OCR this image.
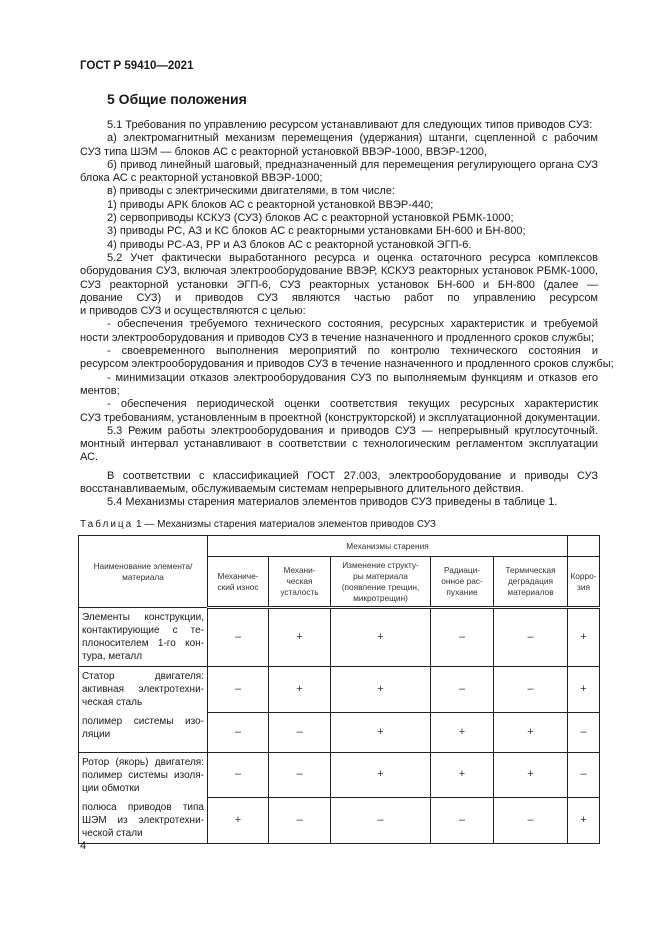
ГОСТ Р 59410—2021
5 Общие положения
5.1 Требования по управлению ресурсом устанавливают для следующих типов приводов СУЗ:
а) электромагнитный механизм перемещения (удержания) штанги, сцепленной с рабочим
СУЗ типа ШЭМ — блоков АС с реакторной установкой ВВЭР-1000, ВВЭР-1200,
б) привод линейный шаговый, предназначенный для перемещения регулирующего органа СУЗ
блока АС с реакторной установкой ВВЭР-1000;
в) приводы с электрическими двигателями, в том числе:
1) приводы АРК блоков АС с реакторной установкой ВВЭР-440;
2) сервоприводы КСКУЗ (СУЗ) блоков АС с реакторной установкой РБМК-1000;
3) приводы РС, АЗ и КС блоков АС с реакторными установками БН-600 и БН-800;
4) приводы РС-АЗ, РР и АЗ блоков АС с реакторной установкой ЭГП-6.
5.2 Учет фактически выработанного ресурса и оценка остаточного ресурса комплексов
оборудования СУЗ, включая электрооборудование ВВЭР, КСКУЗ реакторных установок РБМК-1000,
СУЗ реакторной установки ЭГП-6, СУЗ реакторных установок БН-600 и БН-800 (далее —
дование СУЗ) и приводов СУЗ являются частью работ по управлению ресурсом
и приводов СУЗ и осуществляются с целью:
- обеспечения требуемого технического состояния, ресурсных характеристик и требуемой
ности электрооборудования и приводов СУЗ в течение назначенного и продленного сроков службы;
- своевременного выполнения мероприятий по контролю технического состояния и
ресурсом электрооборудования и приводов СУЗ в течение назначенного и продленного сроков службы;
- минимизации отказов электрооборудования СУЗ по выполняемым функциям и отказов его
ментов;
- обеспечения периодической оценки соответствия текущих ресурсных характеристик
СУЗ требованиям, установленным в проектной (конструкторской) и эксплуатационной документации.
5.3 Режим работы электрооборудования и приводов СУЗ — непрерывный круглосуточный.
монтный интервал устанавливают в соответствии с технологическим регламентом эксплуатации
АС.
В соответствии с классификацией ГОСТ 27.003, электрооборудование и приводы СУЗ
восстанавливаемым, обслуживаемым системам непрерывного длительного действия.
5.4 Механизмы старения материалов элементов приводов СУЗ приведены в таблице 1.
Таблица 1 — Механизмы старения материалов элементов приводов СУЗ
Наименование элемента/ материала	Механизмы старения					
	Механиче-ский износ	Механи-ческая усталость	Изменение структу-ры материала (появление трещин, микротрещин)	Радиаци-онное рас-пухание	Термическая деградация материалов	Корро-зия

Элементы конструкции,
контактирующие с те-
плоносителем 1-го кон-
тура, металл	–	+	+	–	–	+

Статор двигателя:
активная электротехни-
ческая сталь	–	+	+	–	–	+

полимер системы изо-
ляции	–	–	+	+	+	–

Ротор (якорь) двигателя:
полимер системы изоля-
ции обмотки	–	–	+	+	+	–

полюса приводов типа
ШЭМ из электротехни-
ческой стали	+	–	–	–	–	+
4
